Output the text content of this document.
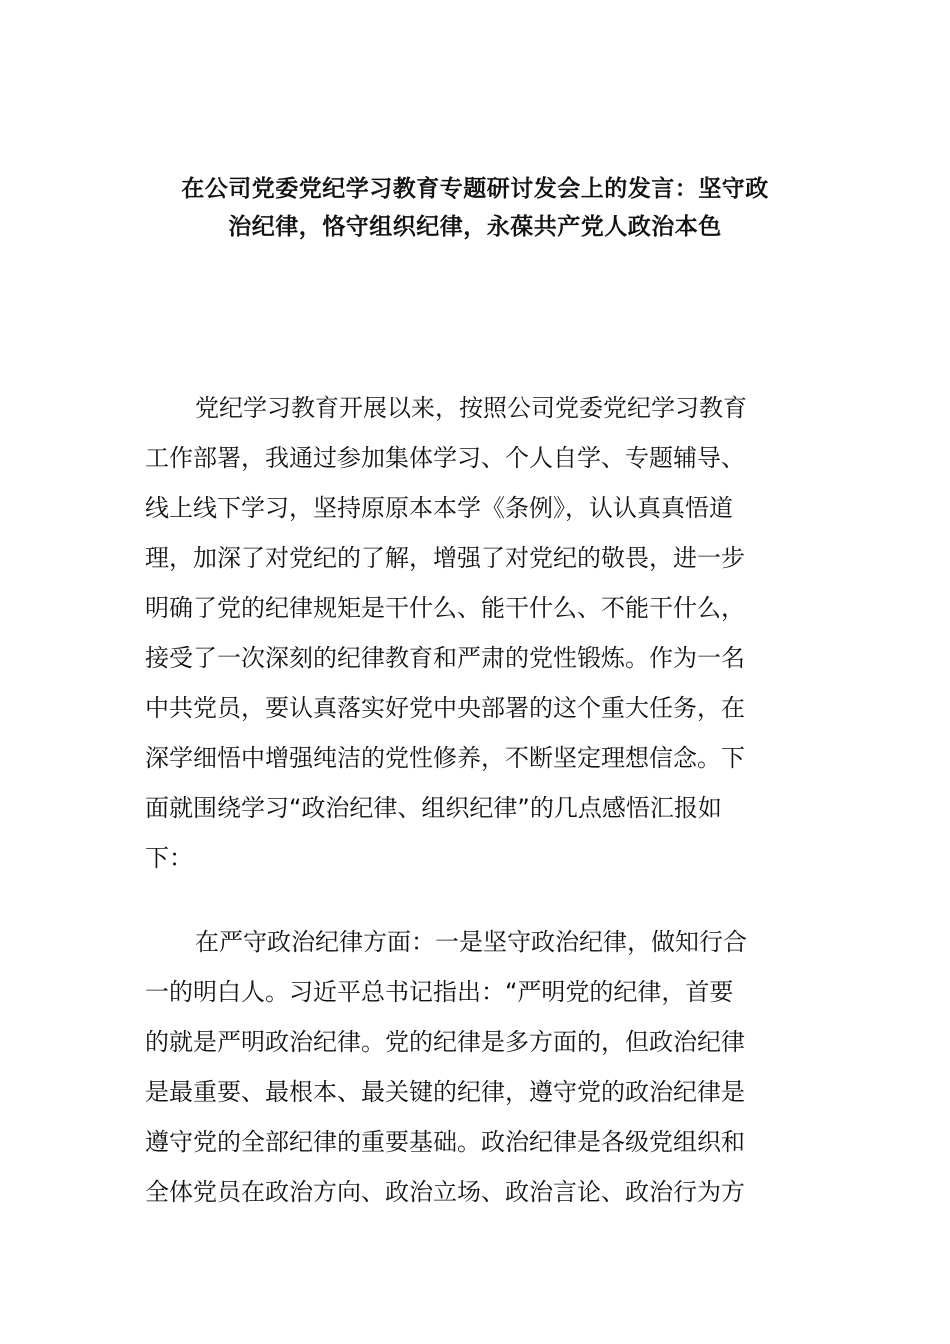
在公司党委党纪学习教育专题研讨发会上的发言：坚守政
治纪律，恪守组织纪律，永葆共产党人政治本色
党纪学习教育开展以来，按照公司党委党纪学习教育
工作部署，我通过参加集体学习、个人自学、专题辅导、
线上线下学习，坚持原原本本学《条例》，认认真真悟道
理，加深了对党纪的了解，增强了对党纪的敬畏，进一步
明确了党的纪律规矩是干什么、能干什么、不能干什么，
接受了一次深刻的纪律教育和严肃的党性锻炼。作为一名
中共党员，要认真落实好党中央部署的这个重大任务，在
深学细悟中增强纯洁的党性修养，不断坚定理想信念。下
面就围绕学习“政治纪律、组织纪律”的几点感悟汇报如
下：
在严守政治纪律方面：一是坚守政治纪律，做知行合
一的明白人。习近平总书记指出：“严明党的纪律，首要
的就是严明政治纪律。党的纪律是多方面的，但政治纪律
是最重要、最根本、最关键的纪律，遵守党的政治纪律是
遵守党的全部纪律的重要基础。政治纪律是各级党组织和
全体党员在政治方向、政治立场、政治言论、政治行为方
